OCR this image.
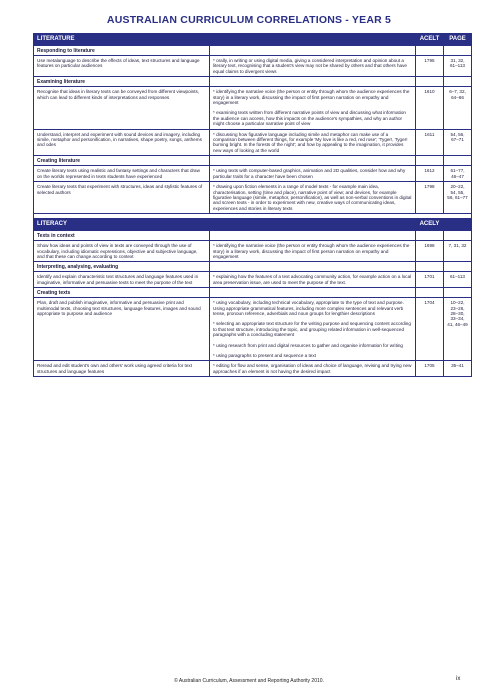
AUSTRALIAN CURRICULUM CORRELATIONS - YEAR 5
LITERATURE		ACELT	PAGE
Responding to literature			
Use metalanguage to describe the effects of ideas, text structures and language features on particular audiences	* orally, in writing or using digital media, giving a considered interpretation and opinion about a literary text, recognising that a student's view may not be shared by others and that others have equal claims to divergent views	1795	31, 32, 61–113
Examining literature			
Recognise that ideas in literary texts can be conveyed from different viewpoints, which can lead to different kinds of interpretations and responses	* identifying the narrative voice (the person or entity through whom the audience experiences the story) in a literary work, discussing the impact of first person narration on empathy and engagement

* examining texts written from different narrative points of view and discussing what information the audience can access, how this impacts on the audience's sympathies, and why an author might choose a particular narrative point of view	1610	6–7, 32, 64–66
Understand, interpret and experiment with sound devices and imagery, including simile, metaphor and personification, in narratives, shape poetry, songs, anthems and odes	* discussing how figurative language including simile and metaphor can make use of a comparison between different things, for example 'My love is like a red, red rose'; 'Tyger!, Tyger! burning bright. In the forests of the night'; and how by appealing to the imagination, it provides new ways of looking at the world	1611	54, 56, 67–71
Creating literature			
Create literary texts using realistic and fantasy settings and characters that draw on the worlds represented in texts students have experienced	* using texts with computer-based graphics, animation and 2D qualities, consider how and why particular traits for a character have been chosen	1612	61–77, 46–47
Create literary texts that experiment with structures, ideas and stylistic features of selected authors	* drawing upon fiction elements in a range of model texts - for example main idea, characterisation, setting (time and place), narrative point of view; and devices, for example figurative language (simile, metaphor, personification), as well as non-verbal conventions in digital and screen texts - in order to experiment with new, creative ways of communicating ideas, experiences and stories in literary texts	1798	20–22, 54, 55, 56, 61–77

LITERACY		ACELY	
Texts in context			
Show how ideas and points of view in texts are conveyed through the use of vocabulary, including idiomatic expressions, objective and subjective language, and that these can change according to context	* identifying the narrative voice (the person or entity through whom the audience experiences the story) in a literary work, discussing the impact of first person narration on empathy and engagement	1698	7, 31, 32
Interpreting, analysing, evaluating			
Identify and explain characteristic text structures and language features used in imaginative, informative and persuasive texts to meet the purpose of the text	* explaining how the features of a text advocating community action, for example action on a local area preservation issue, are used to meet the purpose of the text.	1701	61–113
Creating texts			
Plan, draft and publish imaginative, informative and persuasive print and multimodal texts, choosing text structures, language features, images and sound appropriate to purpose and audience	* using vocabulary, including technical vocabulary, appropriate to the type of text and purpose. Using appropriate grammatical features, including more complex sentences and relevant verb tense, pronoun reference, adverbials and noun groups for lengthier descriptions

* selecting an appropriate text structure for the writing purpose and sequencing content according to that text structure, introducing the topic, and grouping related information in well-sequenced paragraphs with a concluding statement

* using research from print and digital resources to gather and organise information for writing

* using paragraphs to present and sequence a text	1704	10–22, 23–26, 28–30, 33–34, 41, 46–49
Reread and edit student's own and others' work using agreed criteria for text structures and language features	* editing for flow and sense, organisation of ideas and choice of language, revising and trying new approaches if an element is not having the desired impact	1705	35–41
© Australian Curriculum, Assessment and Reporting Authority 2010.	ix
